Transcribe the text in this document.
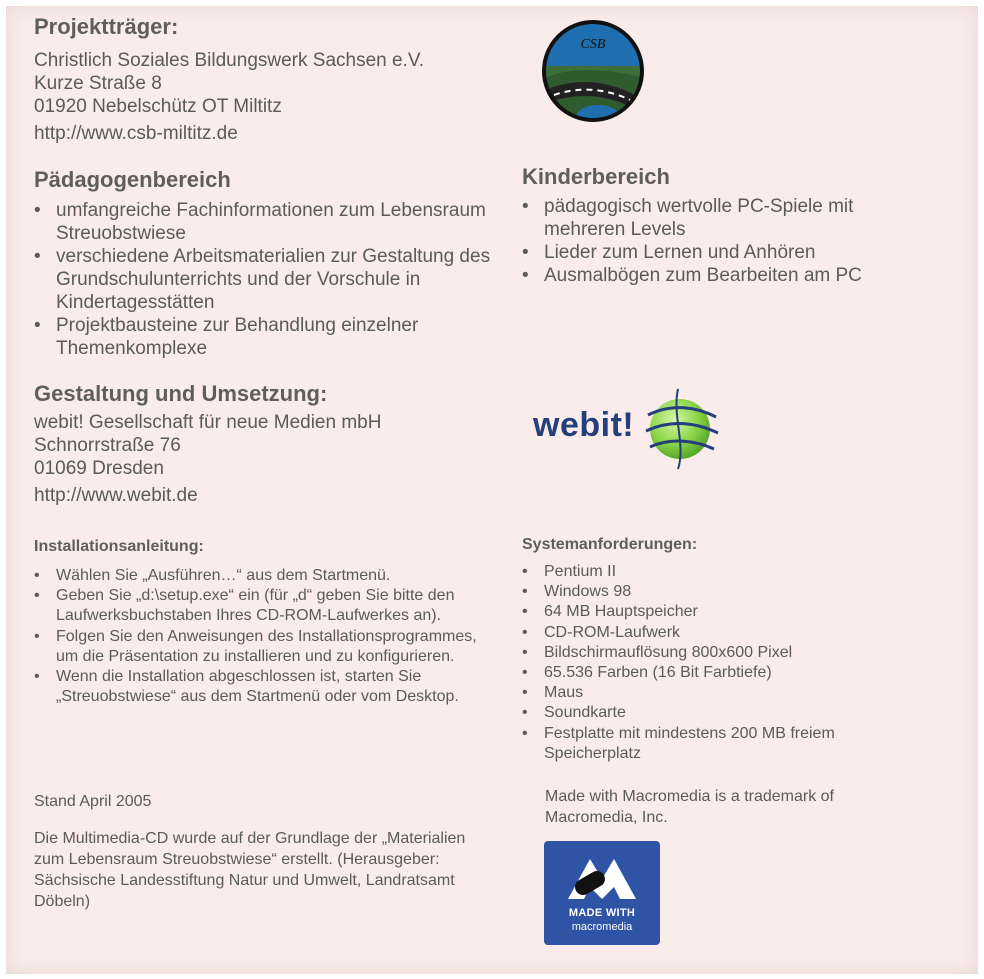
Projektträger:
Christlich Soziales Bildungswerk Sachsen e.V.
Kurze Straße 8
01920 Nebelschütz OT Miltitz
http://www.csb-miltitz.de
Pädagogenbereich
• umfangreiche Fachinformationen zum Lebensraum Streuobstwiese
• verschiedene Arbeitsmaterialien zur Gestaltung des Grundschulunterrichts und der Vorschule in Kindertagesstätten
• Projektbausteine zur Behandlung einzelner Themenkomplexe
Gestaltung und Umsetzung:
webit! Gesellschaft für neue Medien mbH
Schnorrstraße 76
01069 Dresden
http://www.webit.de
Installationsanleitung:
• Wählen Sie „Ausführen…“ aus dem Startmenü.
• Geben Sie „d:\setup.exe“ ein (für „d“ geben Sie bitte den Laufwerksbuchstaben Ihres CD-ROM-Laufwerkes an).
• Folgen Sie den Anweisungen des Installationsprogrammes, um die Präsentation zu installieren und zu konfigurieren.
• Wenn die Installation abgeschlossen ist, starten Sie „Streuobstwiese“ aus dem Startmenü oder vom Desktop.
Stand April 2005
Die Multimedia-CD wurde auf der Grundlage der „Materialien zum Lebensraum Streuobstwiese“ erstellt. (Herausgeber: Sächsische Landesstiftung Natur und Umwelt, Landratsamt Döbeln)
CSB
Kinderbereich
• pädagogisch wertvolle PC-Spiele mit mehreren Levels
• Lieder zum Lernen und Anhören
• Ausmalbögen zum Bearbeiten am PC
webit!
Systemanforderungen:
• Pentium II
• Windows 98
• 64 MB Hauptspeicher
• CD-ROM-Laufwerk
• Bildschirmauflösung 800x600 Pixel
• 65.536 Farben (16 Bit Farbtiefe)
• Maus
• Soundkarte
• Festplatte mit mindestens 200 MB freiem Speicherplatz
Made with Macromedia is a trademark of Macromedia, Inc.
MADE WITH
macromedia
